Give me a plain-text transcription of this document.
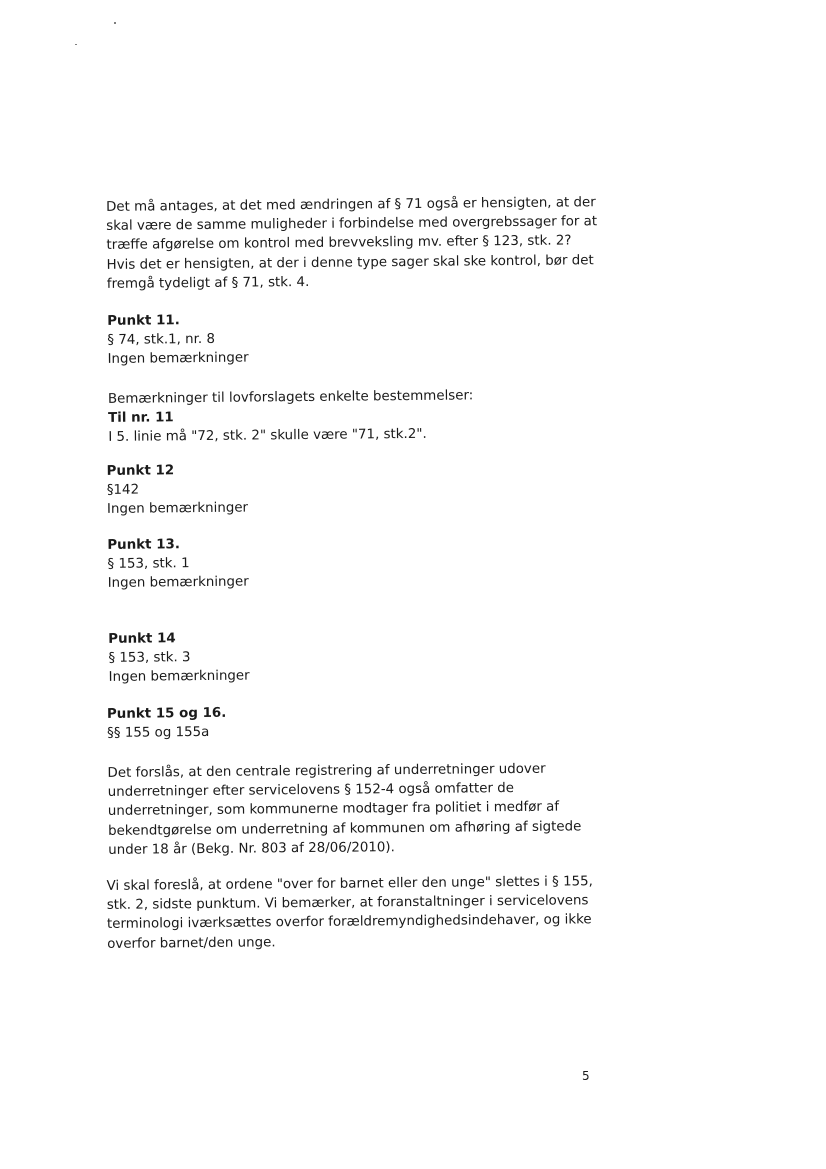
Det må antages, at det med ændringen af § 71 også er hensigten, at der
skal være de samme muligheder i forbindelse med overgrebssager for at
træffe afgørelse om kontrol med brevveksling mv. efter § 123, stk. 2?
Hvis det er hensigten, at der i denne type sager skal ske kontrol, bør det
fremgå tydeligt af § 71, stk. 4.
Punkt 11.
§ 74, stk.1, nr. 8
Ingen bemærkninger
Bemærkninger til lovforslagets enkelte bestemmelser:
Til nr. 11
I 5. linie må "72, stk. 2" skulle være "71, stk.2".
Punkt 12
§142
Ingen bemærkninger
Punkt 13.
§ 153, stk. 1
Ingen bemærkninger
Punkt 14
§ 153, stk. 3
Ingen bemærkninger
Punkt 15 og 16.
§§ 155 og 155a
Det forslås, at den centrale registrering af underretninger udover
underretninger efter servicelovens § 152-4 også omfatter de
underretninger, som kommunerne modtager fra politiet i medfør af
bekendtgørelse om underretning af kommunen om afhøring af sigtede
under 18 år (Bekg. Nr. 803 af 28/06/2010).
Vi skal foreslå, at ordene "over for barnet eller den unge" slettes i § 155,
stk. 2, sidste punktum. Vi bemærker, at foranstaltninger i servicelovens
terminologi iværksættes overfor forældremyndighedsindehaver, og ikke
overfor barnet/den unge.
5
